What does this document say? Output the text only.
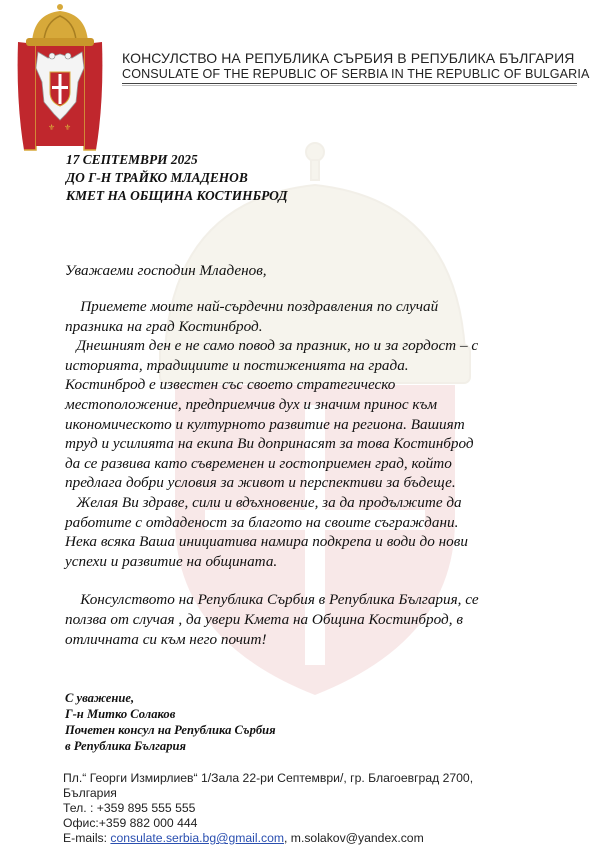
⚜ ⚜
КОНСУЛСТВО НА РЕПУБЛИКА СЪРБИЯ В РЕПУБЛИКА БЪЛГАРИЯ
CONSULATE OF THE REPUBLIC OF SERBIA IN THE REPUBLIC OF BULGARIA
17 СЕПТЕМВРИ 2025
ДО Г-Н ТРАЙКО МЛАДЕНОВ
КМЕТ НА ОБЩИНА КОСТИНБРОД
Уважаеми господин Младенов,
Приемете моите най-сърдечни поздравления по случай
празника на град Костинброд.
Днешният ден е не само повод за празник, но и за гордост – с
историята, традициите и постиженията на града.
Костинброд е известен със своето стратегическо
местоположение, предприемчив дух и значим принос към
икономическото и културното развитие на региона. Вашият
труд и усилията на екипа Ви допринасят за това Костинброд
да се развива като съвременен и гостоприемен град, който
предлага добри условия за живот и перспективи за бъдеще.
Желая Ви здраве, сили и вдъхновение, за да продължите да
работите с отдаденост за благото на своите съграждани.
Нека всяка Ваша инициатива намира подкрепа и води до нови
успехи и развитие на общината.
Консулството на Република Сърбия в Република България, се
ползва от случая , да увери Кмета на Община Костинброд, в
отличната си към него почит!
С уважение,
Г-н Митко Солаков
Почетен консул на Република Сърбия
в Република България
Пл.“ Георги Измирлиев“ 1/Зала 22-ри Септември/, гр. Благоевград 2700,
България
Тел. : +359 895 555 555
Офис:+359 882 000 444
E-mails: consulate.serbia.bg@gmail.com, m.solakov@yandex.com
